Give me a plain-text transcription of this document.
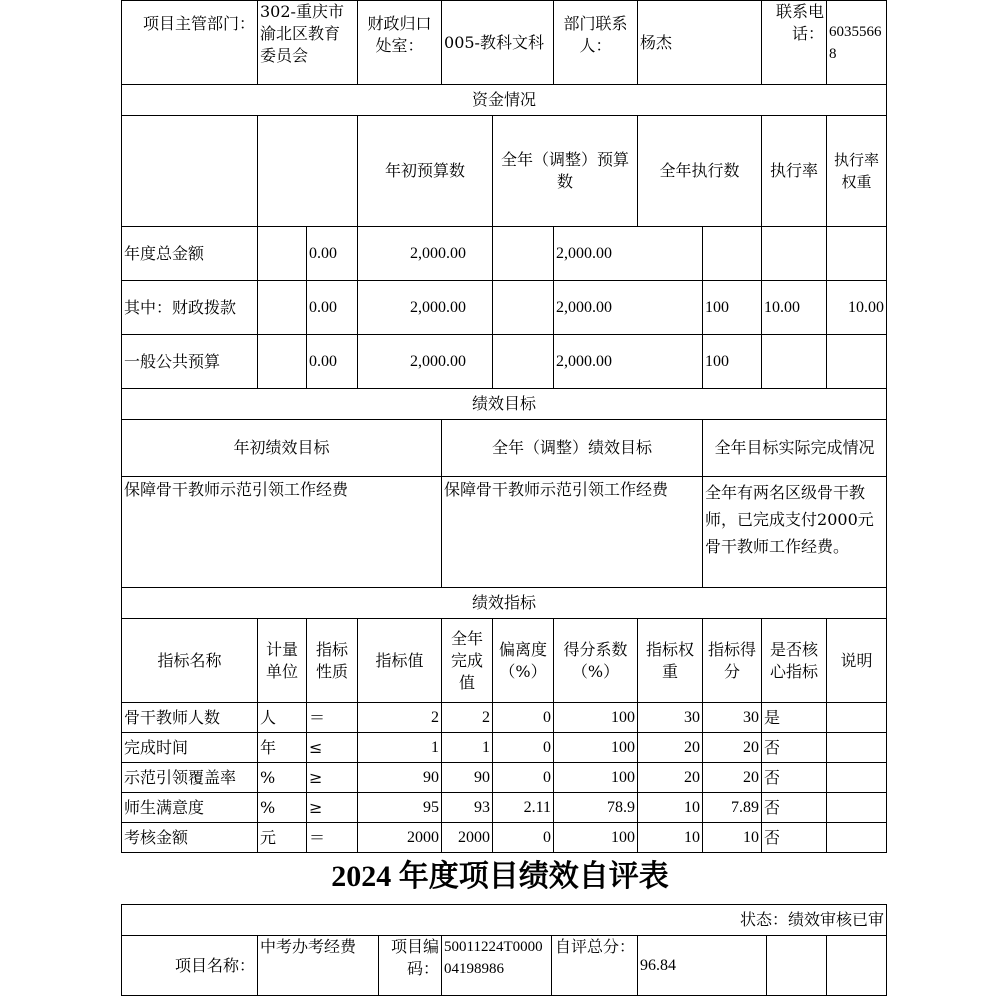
项目主管部门：	302-重庆市渝北区教育委员会		财政归口处室：	005-教科文科		部门联系人：	杨杰		联系电话：	60355668	
资金情况											
			年初预算数		全年（调整）预算数		全年执行数		执行率	执行率权重	
年度总金额		0.00	2,000.00			2,000.00					
其中：财政拨款		0.00	2,000.00			2,000.00		100	10.00	10.00	
一般公共预算		0.00	2,000.00			2,000.00		100			
绩效目标											
年初绩效目标				全年（调整）绩效目标				全年目标实际完成情况			
保障骨干教师示范引领工作经费				保障骨干教师示范引领工作经费				全年有两名区级骨干教师，已完成支付2000元骨干教师工作经费。			
绩效指标											
指标名称	计量单位	指标性质	指标值	全年完成值	偏离度（%）	得分系数（%）	指标权重	指标得分	是否核心指标	说明	
骨干教师人数	人	＝	2	2	0	100	30	30	是		
完成时间	年	≤	1	1	0	100	20	20	否		
示范引领覆盖率	%	≥	90	90	0	100	20	20	否		
师生满意度	%	≥	95	93	2.11	78.9	10	7.89	否		
考核金额	元	＝	2000	2000	0	100	10	10	否		
2024 年度项目绩效自评表
状态：绩效审核已审
项目名称：	中考办考经费	项目编码：	50011224T000004198986	自评总分：	96.84		
